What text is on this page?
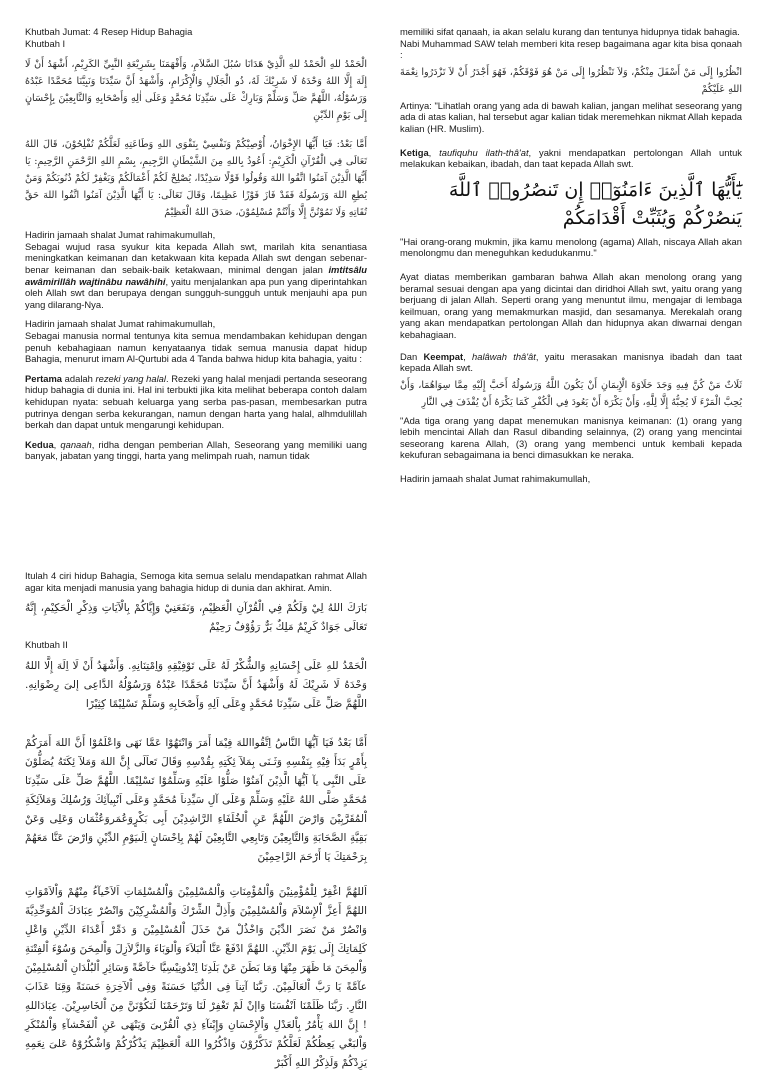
Khutbah Jumat: 4 Resep Hidup Bahagia

Khutbah I

الْحَمْدُ للهِ الْحَمْدُ للهِ الَّذِيْ هَدَانَا سُبُلَ السَّلاَمِ، وَأَفْهَمَنَا بِشَرِيْعَةِ النَّبِيِّ الكَرِيْمِ، أَشْهَدُ أَنْ لَا إِلَهَ إِلَّا اللهُ وَحْدَهُ لَا شَرِيْكَ لَهُ، ذُو الْجَلَالِ وَالْإِكْرَامِ، وَأَشْهَدُ أَنَّ سَيِّدَنَا وَنَبِيَّنَا مُحَمَّدًا عَبْدُهُ وَرَسُوْلُهُ، اللَّهُمَّ صَلِّ وَسَلِّمْ وَبَارِكْ عَلَى سَيِّدِنَا مُحَمَّدٍ وَعَلَى اٰلِهِ وَأَصْحَابِهِ وَالتَّابِعِيْنَ بِإِحْسَانٍ إِلَى يَوْمِ الدِّيْنِ

أَمَّا بَعْدُ: فَيَا أَيُّهَا الإِخْوَانُ، أُوْصِيْكُمْ وَنَفْسِيْ بِتَقْوَى اللهِ وَطَاعَتِهِ لَعَلَّكُمْ تُفْلِحُوْنَ، قَالَ اللهُ تَعَالَى فِي الْقُرْآنِ الْكَرِيْمِ: أَعُوذُ بِاللهِ مِنَ الشَّيْطَانِ الرَّجِيمِ، بِسْمِ اللهِ الرَّحْمَنِ الرَّحِيمِ: يَا أَيُّهَا الَّذِيْنَ آمَنُوا اتَّقُوا اللهَ وَقُولُوا قَوْلًا سَدِيْدًا، يُصْلِحْ لَكُمْ أَعْمَالَكُمْ وَيَغْفِرْ لَكُمْ ذُنُوبَكُمْ وَمَنْ يُطِعِ اللهَ وَرَسُولَهُ فَقَدْ فَازَ فَوْزًا عَظِيمًا، وَقَالَ تَعَالَى: يَا أَيُّهَا الَّذِيْنَ آمَنُوا اتَّقُوا اللهَ حَقَّ تُقَاتِهِ وَلَا تَمُوْتُنَّ إِلَّا وَأَنْتُمْ مُسْلِمُوْنَ، صَدَقَ اللهُ الْعَظِيْمُ

Hadirin jamaah shalat Jumat rahimakumullah,

Sebagai wujud rasa syukur kita kepada Allah swt, marilah kita senantiasa meningkatkan keimanan dan ketakwaan kita kepada Allah swt dengan sebenar-benar keimanan dan sebaik-baik ketakwaan, minimal dengan jalan imtitsâlu awâmirillâh wajtinâbu nawâhihi, yaitu menjalankan apa pun yang diperintahkan oleh Allah swt dan berupaya dengan sungguh-sungguh untuk menjauhi apa pun yang dilarang-Nya.

Hadirin jamaah shalat Jumat rahimakumullah,

Sebagai manusia normal tentunya kita semua mendambakan kehidupan dengan penuh kebahagiaan namun kenyataanya tidak semua manusia dapat hidup Bahagia, menurut imam Al-Qurtubi ada 4 Tanda bahwa hidup kita bahagia, yaitu :

Pertama adalah rezeki yang halal. Rezeki yang halal menjadi pertanda seseorang hidup bahagia di dunia ini. Hal ini terbukti jika kita melihat beberapa contoh dalam kehidupan nyata: sebuah keluarga yang serba pas-pasan, membesarkan putra putrinya dengan serba kekurangan, namun dengan harta yang halal, alhmdulillah berkah dan dapat untuk mengarungi kehidupan.

Kedua, qanaah, ridha dengan pemberian Allah, Seseorang yang memiliki uang banyak, jabatan yang tinggi, harta yang melimpah ruah, namun tidak

memiliki sifat qanaah, ia akan selalu kurang dan tentunya hidupnya tidak bahagia.

Nabi Muhammad SAW telah memberi kita resep bagaimana agar kita bisa qonaah :

انْظُرُوا إِلَى مَنْ أَسْفَلَ مِنْكُمْ، وَلاَ تَنْظُرُوا إِلَى مَنْ هُوَ فَوْقَكُمْ، فَهُوَ أَجْدَرُ أَنْ لاَ تَزْدَرُوا نِعْمَةَ اللهِ عَلَيْكُمْ

Artinya: "Lihatlah orang yang ada di bawah kalian, jangan melihat seseorang yang ada di atas kalian, hal tersebut agar kalian tidak meremehkan nikmat Allah kepada kalian (HR. Muslim).

Ketiga, taufiquhu ilath-thâ'at, yakni mendapatkan pertolongan Allah untuk melakukan kebaikan, ibadah, dan taat kepada Allah swt.

يَٰٓأَيُّهَا ٱلَّذِينَ ءَامَنُوٓا۟ إِن تَنصُرُوا۟ ٱللَّهَ يَنصُرْكُمْ وَيُثَبِّتْ أَقْدَامَكُمْ

"Hai orang-orang mukmin, jika kamu menolong (agama) Allah, niscaya Allah akan menolongmu dan meneguhkan kedudukanmu."

Ayat diatas memberikan gambaran bahwa Allah akan menolong orang yang beramal sesuai dengan apa yang dicintai dan diridhoi Allah swt, yaitu orang yang berjuang di jalan Allah. Seperti orang yang menuntut ilmu, mengajar di lembaga keilmuan, orang yang memakmurkan masjid, dan sesamanya. Merekalah orang yang akan mendapatkan pertolongan Allah dan hidupnya akan diwarnai dengan kebahagiaan.

Dan Keempat, halâwah thâ'ât, yaitu merasakan manisnya ibadah dan taat kepada Allah swt.

ثَلَاثٌ مَنْ كُنَّ فِيهِ وَجَدَ حَلَاوَةَ الْإِيمَانِ أَنْ يَكُونَ اللَّهُ وَرَسُولُهُ أَحَبَّ إِلَيْهِ مِمَّا سِوَاهُمَا، وَأَنْ يُحِبَّ الْمَرْءَ لَا يُحِبُّهُ إِلَّا لِلَّهِ، وَأَنْ يَكْرَهَ أَنْ يَعُودَ فِي الْكُفْرِ كَمَا يَكْرَهُ أَنْ يُقْذَفَ فِي النَّارِ

"Ada tiga orang yang dapat menemukan manisnya keimanan: (1) orang yang lebih mencintai Allah dan Rasul dibanding selainnya, (2) orang yang mencintai seseorang karena Allah, (3) orang yang membenci untuk kembali kepada kekufuran sebagaimana ia benci dimasukkan ke neraka.

Hadirin jamaah shalat Jumat rahimakumullah,

Itulah 4 ciri hidup Bahagia, Semoga kita semua selalu mendapatkan rahmat Allah agar kita menjadi manusia yang bahagia hidup di dunia dan akhirat. Amin.

بَارَكَ اللهُ لِيْ وَلَكُمْ فِي الْقُرْآنِ الْعَظِيْمِ، وَنَفَعَنِيْ وَإِيَّاكُمْ بِالْآيَاتِ وَذِكْرِ الْحَكِيْمِ، إِنَّهُ تَعَالَى جَوَادٌ كَرِيْمٌ مَلِكٌ بَرٌّ رَؤُوْفٌ رَحِيْمٌ

Khutbah II

الْحَمْدُ للهِ عَلَى إِحْسَانِهِ وَالشُّكْرُ لَهُ عَلَى تَوْفِيْقِهِ وَاِمْتِنَانِهِ. وَأَشْهَدُ أَنْ لَا اِلَهَ إِلَّا اللهُ وَحْدَهُ لَا شَرِيْكَ لَهُ وَأَشْهَدُ أَنَّ سَيِّدَنَا مُحَمَّدًا عَبْدُهُ وَرَسُوْلُهُ الدَّاعِى إلىَ رِضْوَانِهِ. اللَّهُمَّ صَلِّ عَلَى سَيِّدِنَا مُحَمَّدٍ وِعَلَى اَلِهِ وَأَصْحَابِهِ وَسَلِّمْ تَسْلِيْمًا كِثِيْرًا

أَمَّا بَعْدُ فَيَا اَيُّهَا النَّاسُ اِتَّقُوااللهَ فِيْمَا أَمَرَ وَانْتَهُوْا عَمَّا نَهَى وَاعْلَمُوْا أَنَّ اللهَ أَمَرَكُمْ بِأَمْرٍ بَدَأَ فِيْهِ بِنَفْسِهِ وَثَـنَى بِمَلآ ئِكَتِهِ بِقُدْسِهِ وَقَالَ تَعاَلَى إِنَّ اللهَ وَمَلآ ئِكَتَهُ يُصَلُّوْنَ عَلَى النَّبِى يآ اَيُّهَا الَّذِيْنَ آمَنُوْا صَلُّوْا عَلَيْهِ وَسَلِّمُوْا تَسْلِيْمًا. اللَّهُمَّ صَلِّ عَلَى سَيِّدِنَا مُحَمَّدٍ صَلَّى اللهُ عَلَيْهِ وَسَلِّمْ وَعَلَى آلِ سَيِّدِناَ مُحَمَّدٍ وَعَلَى اَنْبِيآئِكَ وَرُسُلِكَ وَمَلآئِكَةِ اْلمُقَرَّبِيْنَ وَارْضَ اللّهُمَّ عَنِ اْلخُلَفَاءِ الرَّاشِدِيْنَ أَبِى بَكْرٍوَعُمَروَعُثْمَان وَعَلِى وَعَنْ بَقِيَّةِ الصَّحَابَةِ وَالتَّابِعِيْنَ وَتَابِعِي التَّابِعِيْنَ لَهُمْ بِاِحْسَانٍ اِلَىيَوْمِ الدِّيْنِ وَارْضَ عَنَّا مَعَهُمْ بِرَحْمَتِكَ يَا أَرْحَمَ الرَّاحِمِيْنَ

اَللهُمَّ اغْفِرْ لِلْمُؤْمِنِيْنَ وَاْلمُؤْمِنَاتِ وَاْلمُسْلِمِيْنَ وَاْلمُسْلِمَاتِ اَلاَحْيآءُ مِنْهُمْ وَاْلاَمْوَاتِ اللهُمَّ أَعِزَّ اْلإِسْلاَمَ وَاْلمُسْلِمِيْنَ وَأَذِلَّ الشِّرْكَ وَاْلمُشْرِكِيْنَ وَانْصُرْ عِبَادَكَ اْلمُوَحِّدِيَّةَ وَانْصُرْ مَنْ نَصَرَ الدِّيْنَ وَاخْذُلْ مَنْ خَذَلَ اْلمُسْلِمِيْنَ وَ دَمِّرْ أَعْدَاءَ الدِّيْنِ وَاعْلِ كَلِمَاتِكَ إِلَى يَوْمَ الدِّيْنِ. اللهُمَّ ادْفَعْ عَنَّا اْلبَلاَءَ وَاْلوَبَاءَ وَالزَّلاَزِلَ وَاْلمِحَنَ وَسُوْءَ اْلفِتْنَةِ وَاْلمِحَنَ مَا ظَهَرَ مِنْهَا وَمَا بَطَنَ عَنْ بَلَدِنَا اِنْدُونِيْسِيَّا خآصَّةً وَسَائِرِ اْلبُلْدَانِ اْلمُسْلِمِيْنَ عآمَّةً يَا رَبَّ اْلعَالَمِيْنَ. رَبَّنَا آتِناَ فِى الدُّنْيَا حَسَنَةً وَفِى اْلآخِرَةِ حَسَنَةً وَقِنَا عَذَابَ النَّارِ. رَبَّنَا ظَلَمْنَا اَنْفُسَنَا وَاإنْ لَمْ تَغْفِرْ لَنَا وَتَرْحَمْنَا لَنَكُوْنَنَّ مِنَ اْلخَاسِرِيْنَ. عِبَادَاللهِ ! إِنَّ اللهَ يَأْمُرُ بِاْلعَدْلِ وَاْلإِحْسَانِ وَإِيْتآءِ ذِي اْلقُرْبىَ وَيَنْهَى عَنِ اْلفَحْشآءِ وَاْلمُنْكَرِ وَاْلبَغْي يَعِظُكُمْ لَعَلَّكُمْ تَذَكَّرُوْنَ وَاذْكُرُوا اللهَ اْلعَظِيْمَ يَذْكُرْكُمْ وَاشْكُرُوْهُ عَلىَ نِعَمِهِ يَزِدْكُمْ وَلَذِكْرُ اللهِ أَكْبَرْ
